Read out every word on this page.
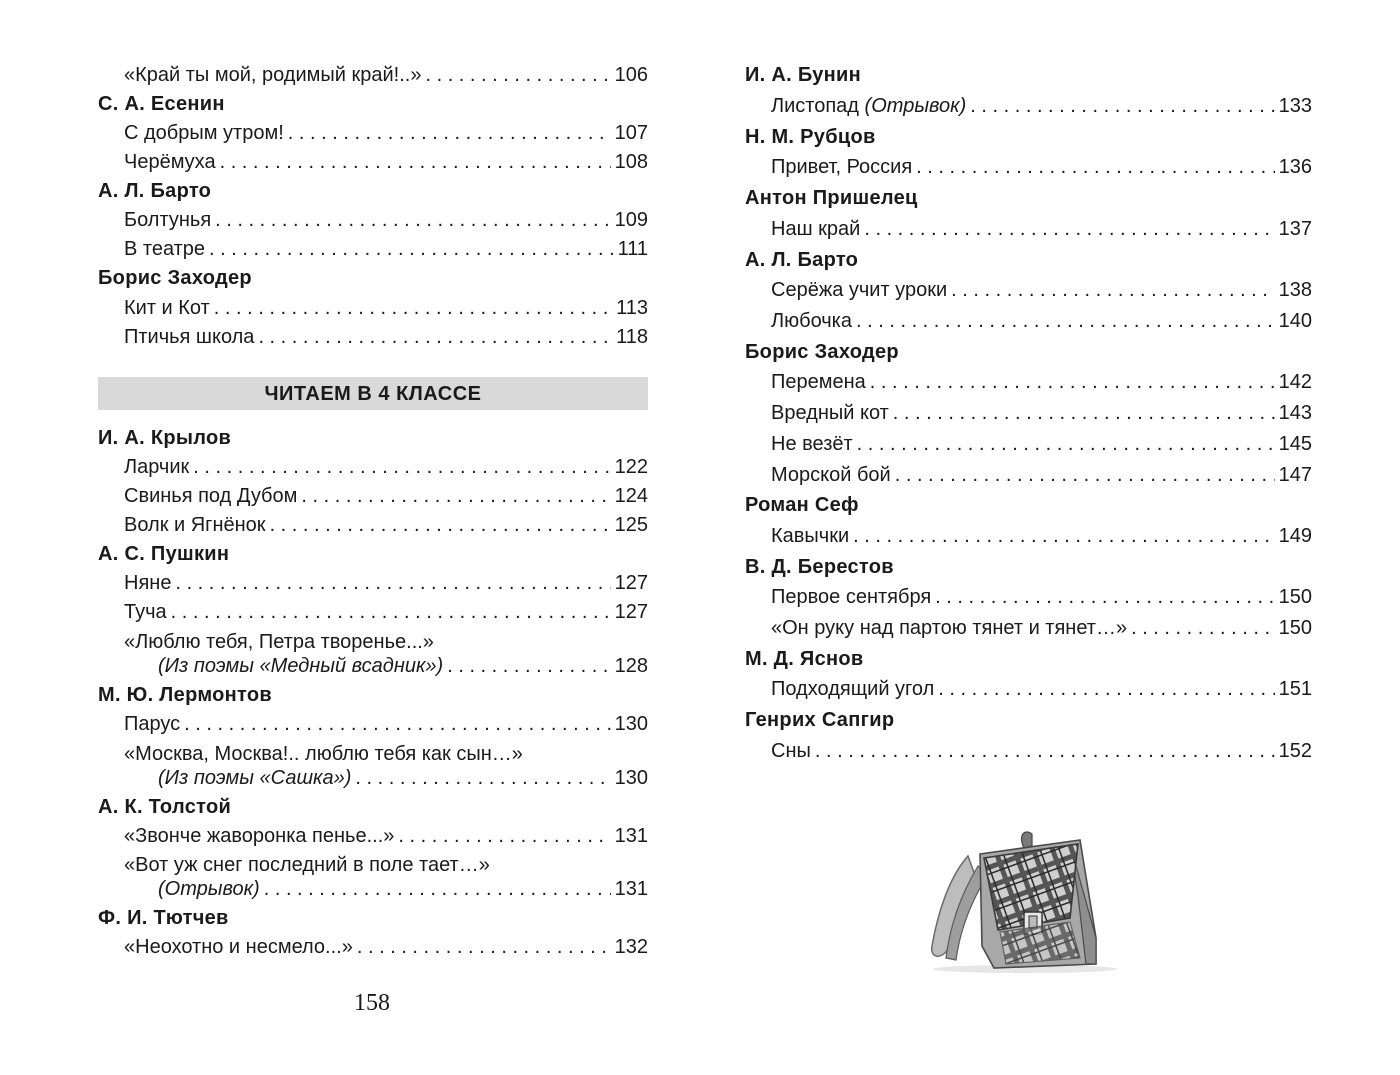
«Край ты мой, родимый край!..» . . .	106
С. А. Есенин
С добрым утром! . . .	107
Черёмуха . . .	108
А. Л. Барто
Болтунья . . .	109
В театре . . .	111
Борис Заходер
Кит и Кот . . .	113
Птичья школа . . .	118
И. А. Крылов
Ларчик . . .	122
Свинья под Дубом . . .	124
Волк и Ягнёнок . . .	125
А. С. Пушкин
Няне . . .	127
Туча . . .	127
«Люблю тебя, Петра творенье...»
(Из поэмы «Медный всадник») . . .	128
М. Ю. Лермонтов
Парус . . .	130
«Москва, Москва!.. люблю тебя как сын…»
(Из поэмы «Сашка») . . .	130
А. К. Толстой
«Звонче жаворонка пенье...» . . .	131
«Вот уж снег последний в поле тает…»
(Отрывок) . . .	131
Ф. И. Тютчев
«Неохотно и несмело...» . . .	132
ЧИТАЕМ В 4 КЛАССЕ
158
И. А. Бунин
Листопад (Отрывок) . . .	133
Н. М. Рубцов
Привет, Россия . . .	136
Антон Пришелец
Наш край . . .	137
А. Л. Барто
Серёжа учит уроки . . .	138
Любочка . . .	140
Борис Заходер
Перемена . . .	142
Вредный кот . . .	143
Не везёт . . .	145
Морской бой . . .	147
Роман Сеф
Кавычки . . .	149
В. Д. Берестов
Первое сентября . . .	150
«Он руку над партою тянет и тянет…» . . .	150
М. Д. Яснов
Подходящий угол . . .	151
Генрих Сапгир
Сны . . .	152
